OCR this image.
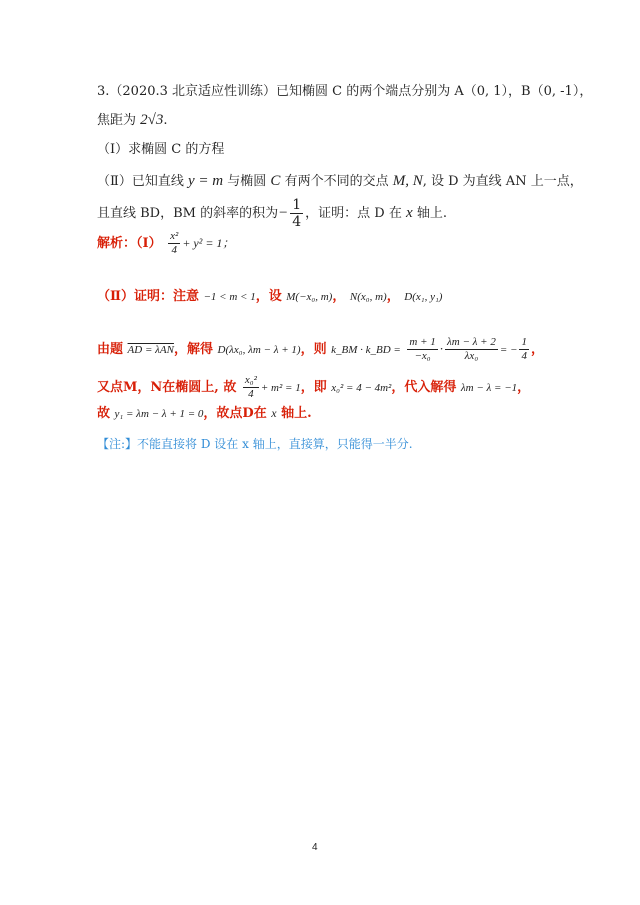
3.（2020.3 北京适应性训练）已知椭圆 C 的两个端点分别为 A（0, 1），B（0, -1），
焦距为 2√3.
（Ⅰ）求椭圆 C 的方程
（Ⅱ）已知直线 y = m 与椭圆 C 有两个不同的交点 M, N, 设 D 为直线 AN 上一点，
且直线 BD，BM 的斜率的积为− $\frac{1}{4}$ ，证明：点 D 在 x 轴上.
解析：（Ⅰ） $\frac{\text{x²}}{4} + y^2 = 1$；
（Ⅱ）证明：注意 −1 < m < 1，设 M(−x₀, m)， N(x₀, m)， D(x₁, y₁)
由题 AD = λAN，解得 D(λx₀, λm − λ + 1)，则 k_BM · k_BD = $\frac{m + 1}{\text{−x₀}} \cdot \frac{\lambda m - \lambda + 2}{\text{λx₀}}$ = − $\frac{1}{4}$ ，
又点M，N在椭圆上, 故 $\frac{\text{x₀²}}{4} + m^2 = 1$，即 x₀² = 4 − 4m²，代入解得 λm − λ = −1，
故 y₁ = λm − λ + 1 = 0，故点D在 x 轴上.
【注:】不能直接将 D 设在 x 轴上，直接算，只能得一半分.
4
